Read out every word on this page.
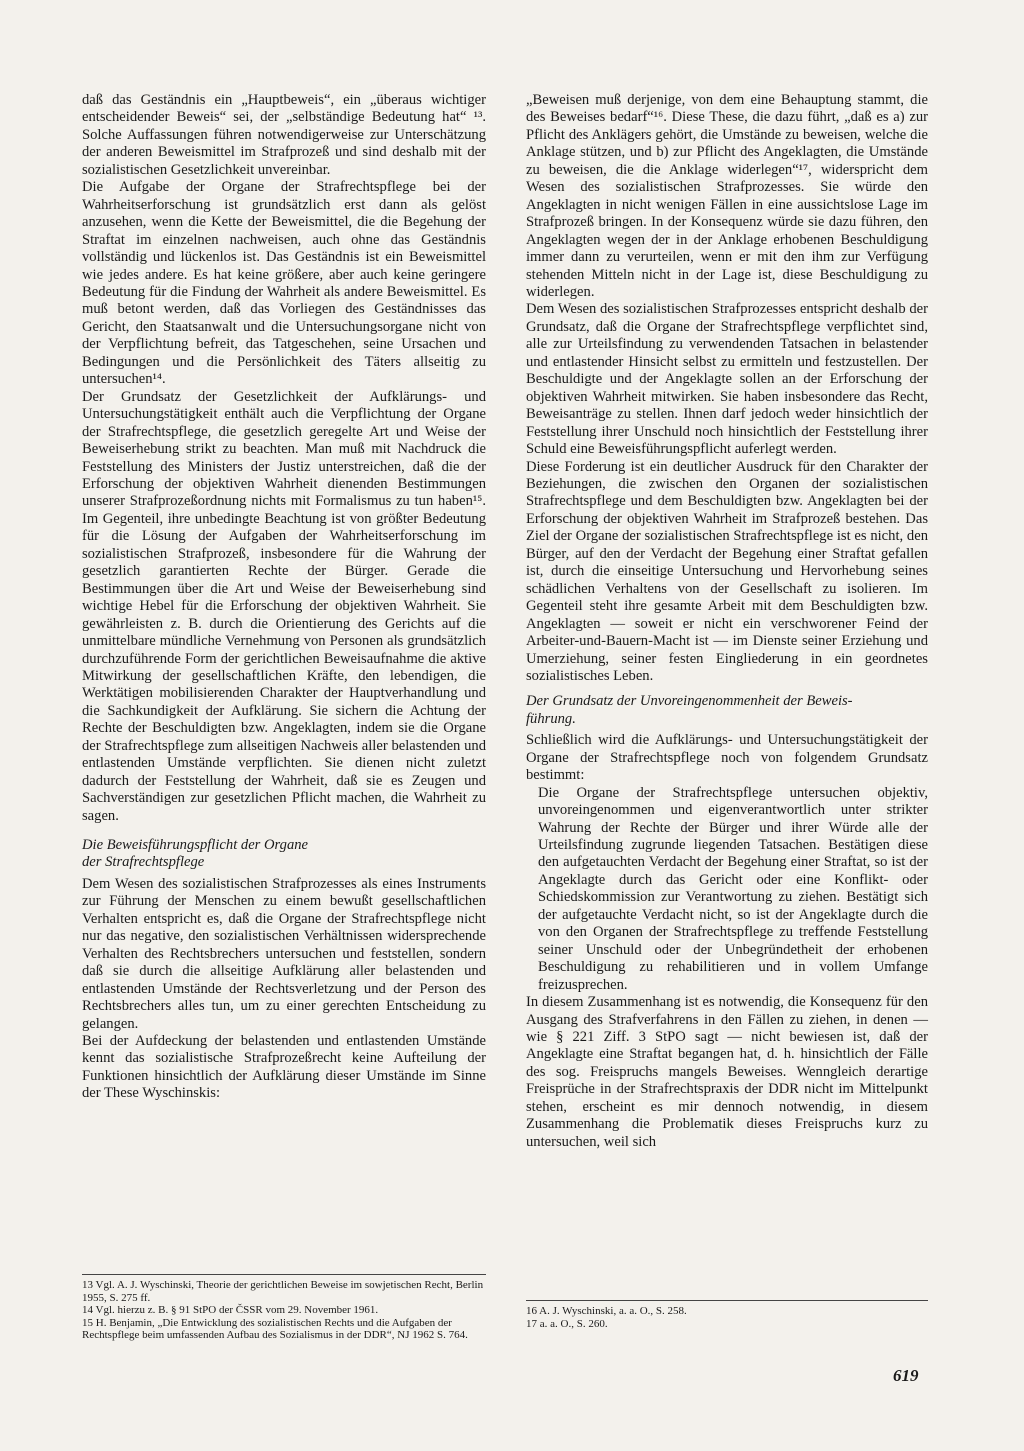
daß das Geständnis ein „Hauptbeweis“, ein „überaus wichtiger entscheidender Beweis“ sei, der „selbständige Bedeutung hat“ ¹³. Solche Auffassungen führen notwendigerweise zur Unterschätzung der anderen Beweismittel im Strafprozeß und sind deshalb mit der sozialistischen Gesetzlichkeit unvereinbar.

Die Aufgabe der Organe der Strafrechtspflege bei der Wahrheitserforschung ist grundsätzlich erst dann als gelöst anzusehen, wenn die Kette der Beweismittel, die die Begehung der Straftat im einzelnen nachweisen, auch ohne das Geständnis vollständig und lückenlos ist. Das Geständnis ist ein Beweismittel wie jedes andere. Es hat keine größere, aber auch keine geringere Bedeutung für die Findung der Wahrheit als andere Beweismittel. Es muß betont werden, daß das Vorliegen des Geständnisses das Gericht, den Staatsanwalt und die Untersuchungsorgane nicht von der Verpflichtung befreit, das Tatgeschehen, seine Ursachen und Bedingungen und die Persönlichkeit des Täters allseitig zu untersuchen¹⁴.

Der Grundsatz der Gesetzlichkeit der Aufklärungs- und Untersuchungstätigkeit enthält auch die Verpflichtung der Organe der Strafrechtspflege, die gesetzlich geregelte Art und Weise der Beweiserhebung strikt zu beachten. Man muß mit Nachdruck die Feststellung des Ministers der Justiz unterstreichen, daß die der Erforschung der objektiven Wahrheit dienenden Bestimmungen unserer Strafprozeßordnung nichts mit Formalismus zu tun haben¹⁵. Im Gegenteil, ihre unbedingte Beachtung ist von größter Bedeutung für die Lösung der Aufgaben der Wahrheitserforschung im sozialistischen Strafprozeß, insbesondere für die Wahrung der gesetzlich garantierten Rechte der Bürger. Gerade die Bestimmungen über die Art und Weise der Beweiserhebung sind wichtige Hebel für die Erforschung der objektiven Wahrheit. Sie gewährleisten z. B. durch die Orientierung des Gerichts auf die unmittelbare mündliche Vernehmung von Personen als grundsätzlich durchzuführende Form der gerichtlichen Beweisaufnahme die aktive Mitwirkung der gesellschaftlichen Kräfte, den lebendigen, die Werktätigen mobilisierenden Charakter der Hauptverhandlung und die Sachkundigkeit der Aufklärung. Sie sichern die Achtung der Rechte der Beschuldigten bzw. Angeklagten, indem sie die Organe der Strafrechtspflege zum allseitigen Nachweis aller belastenden und entlastenden Umstände verpflichten. Sie dienen nicht zuletzt dadurch der Feststellung der Wahrheit, daß sie es Zeugen und Sachverständigen zur gesetzlichen Pflicht machen, die Wahrheit zu sagen.

Die Beweisführungspflicht der Organe
der Strafrechtspflege

Dem Wesen des sozialistischen Strafprozesses als eines Instruments zur Führung der Menschen zu einem bewußt gesellschaftlichen Verhalten entspricht es, daß die Organe der Strafrechtspflege nicht nur das negative, den sozialistischen Verhältnissen widersprechende Verhalten des Rechtsbrechers untersuchen und feststellen, sondern daß sie durch die allseitige Aufklärung aller belastenden und entlastenden Umstände der Rechtsverletzung und der Person des Rechtsbrechers alles tun, um zu einer gerechten Entscheidung zu gelangen.

Bei der Aufdeckung der belastenden und entlastenden Umstände kennt das sozialistische Strafprozeßrecht keine Aufteilung der Funktionen hinsichtlich der Aufklärung dieser Umstände im Sinne der These Wyschinskis:

13 Vgl. A. J. Wyschinski, Theorie der gerichtlichen Beweise im sowjetischen Recht, Berlin 1955, S. 275 ff.
14 Vgl. hierzu z. B. § 91 StPO der ČSSR vom 29. November 1961.
15 H. Benjamin, „Die Entwicklung des sozialistischen Rechts und die Aufgaben der Rechtspflege beim umfassenden Aufbau des Sozialismus in der DDR“, NJ 1962 S. 764.

„Beweisen muß derjenige, von dem eine Behauptung stammt, die des Beweises bedarf“¹⁶. Diese These, die dazu führt, „daß es a) zur Pflicht des Anklägers gehört, die Umstände zu beweisen, welche die Anklage stützen, und b) zur Pflicht des Angeklagten, die Umstände zu beweisen, die die Anklage widerlegen“¹⁷, widerspricht dem Wesen des sozialistischen Strafprozesses. Sie würde den Angeklagten in nicht wenigen Fällen in eine aussichtslose Lage im Strafprozeß bringen. In der Konsequenz würde sie dazu führen, den Angeklagten wegen der in der Anklage erhobenen Beschuldigung immer dann zu verurteilen, wenn er mit den ihm zur Verfügung stehenden Mitteln nicht in der Lage ist, diese Beschuldigung zu widerlegen.

Dem Wesen des sozialistischen Strafprozesses entspricht deshalb der Grundsatz, daß die Organe der Strafrechtspflege verpflichtet sind, alle zur Urteilsfindung zu verwendenden Tatsachen in belastender und entlastender Hinsicht selbst zu ermitteln und festzustellen. Der Beschuldigte und der Angeklagte sollen an der Erforschung der objektiven Wahrheit mitwirken. Sie haben insbesondere das Recht, Beweisanträge zu stellen. Ihnen darf jedoch weder hinsichtlich der Feststellung ihrer Unschuld noch hinsichtlich der Feststellung ihrer Schuld eine Beweisführungspflicht auferlegt werden.

Diese Forderung ist ein deutlicher Ausdruck für den Charakter der Beziehungen, die zwischen den Organen der sozialistischen Strafrechtspflege und dem Beschuldigten bzw. Angeklagten bei der Erforschung der objektiven Wahrheit im Strafprozeß bestehen. Das Ziel der Organe der sozialistischen Strafrechtspflege ist es nicht, den Bürger, auf den der Verdacht der Begehung einer Straftat gefallen ist, durch die einseitige Untersuchung und Hervorhebung seines schädlichen Verhaltens von der Gesellschaft zu isolieren. Im Gegenteil steht ihre gesamte Arbeit mit dem Beschuldigten bzw. Angeklagten — soweit er nicht ein verschworener Feind der Arbeiter-und-Bauern-Macht ist — im Dienste seiner Erziehung und Umerziehung, seiner festen Eingliederung in ein geordnetes sozialistisches Leben.

Der Grundsatz der Unvoreingenommenheit der Beweis-
führung.

Schließlich wird die Aufklärungs- und Untersuchungstätigkeit der Organe der Strafrechtspflege noch von folgendem Grundsatz bestimmt:

Die Organe der Strafrechtspflege untersuchen objektiv, unvoreingenommen und eigenverantwortlich unter strikter Wahrung der Rechte der Bürger und ihrer Würde alle der Urteilsfindung zugrunde liegenden Tatsachen. Bestätigen diese den aufgetauchten Verdacht der Begehung einer Straftat, so ist der Angeklagte durch das Gericht oder eine Konflikt- oder Schiedskommission zur Verantwortung zu ziehen. Bestätigt sich der aufgetauchte Verdacht nicht, so ist der Angeklagte durch die von den Organen der Strafrechtspflege zu treffende Feststellung seiner Unschuld oder der Unbegründetheit der erhobenen Beschuldigung zu rehabilitieren und in vollem Umfange freizusprechen.

In diesem Zusammenhang ist es notwendig, die Konsequenz für den Ausgang des Strafverfahrens in den Fällen zu ziehen, in denen — wie § 221 Ziff. 3 StPO sagt — nicht bewiesen ist, daß der Angeklagte eine Straftat begangen hat, d. h. hinsichtlich der Fälle des sog. Freispruchs mangels Beweises. Wenngleich derartige Freisprüche in der Strafrechtspraxis der DDR nicht im Mittelpunkt stehen, erscheint es mir dennoch notwendig, in diesem Zusammenhang die Problematik dieses Freispruchs kurz zu untersuchen, weil sich

16 A. J. Wyschinski, a. a. O., S. 258.
17 a. a. O., S. 260.
619
